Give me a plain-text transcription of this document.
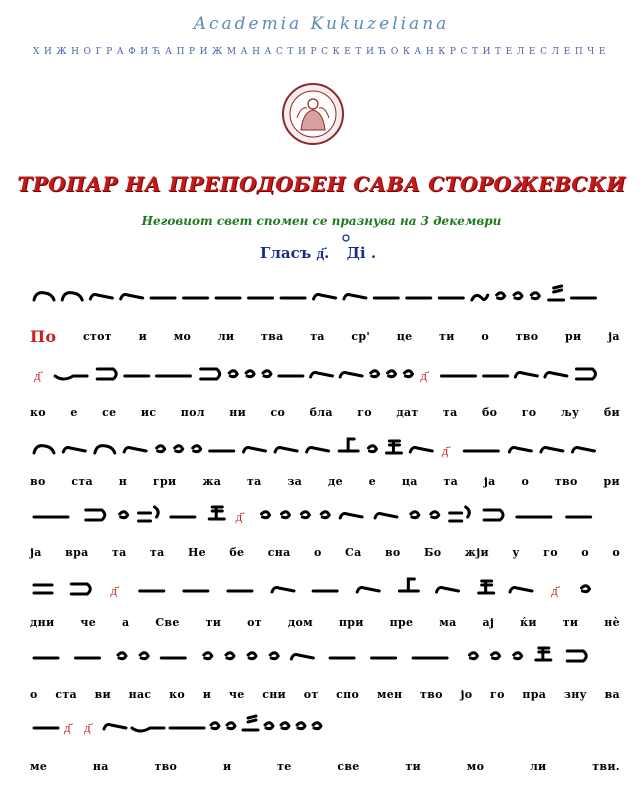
Academia Kukuzeliana
ХИЖНОГРАФИЋАПРИЖМАНАСТИРСКЕТИЋОКАНКРСТИТЕЛЕСЛЕПЧЕ
ТРОПАР НА ПРЕПОДОБЕН САВА СТОРОЖЕВСКИ
Неговиот свет спомен се празнува на 3 декември
Гласъ д҃. Ді .
д҃	д҃
д҃
д҃
д҃	д҃
д҃ д҃
По стот и мо ли тва та ср' це ти о тво ри ја
ко е се ис пол ни со бла го дат та бо го љу би
во ста н гри жа та за де е ца та ја о тво ри
ја вра та та Не бе сна о Са во Бо жји у го о о
дни че а Све ти от дом при пре ма ај ќи ти нѐ
о ста ви нас ко и че сни от спо мен тво јо го пра зну ва
ме	на	тво	и	те	све	ти	мо	ли	тви.
